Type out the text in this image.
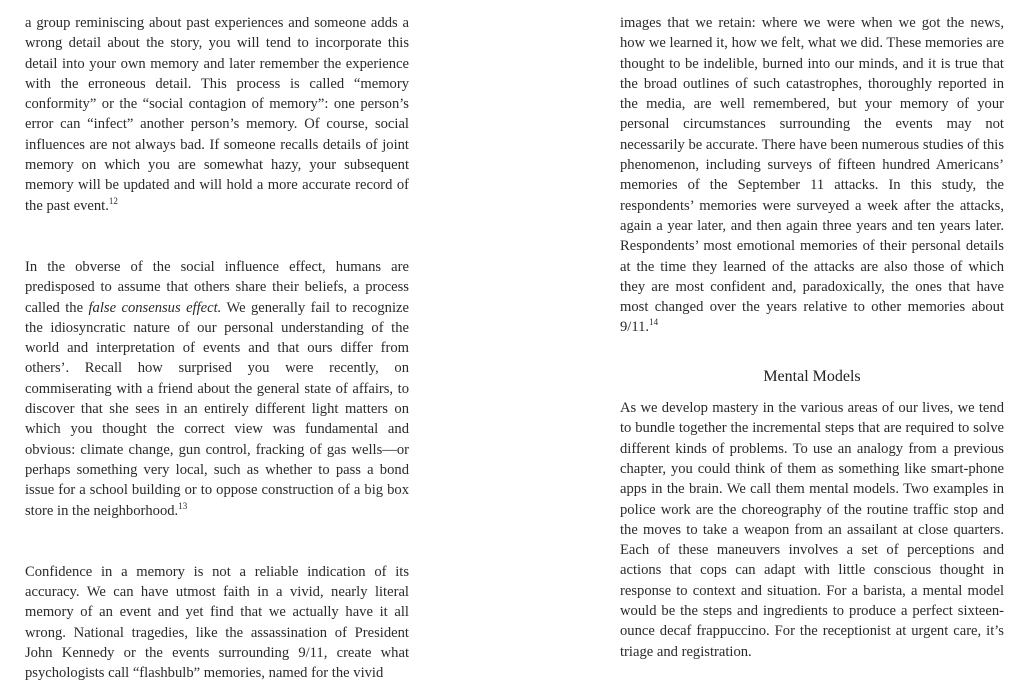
a group reminiscing about past experiences and someone adds a wrong detail about the story, you will tend to incorporate this detail into your own memory and later remember the experience with the erroneous detail. This process is called “memory conformity” or the “social contagion of memory”: one person’s error can “infect” another person’s memory. Of course, social influences are not always bad. If someone recalls details of joint memory on which you are somewhat hazy, your subsequent memory will be updated and will hold a more accurate record of the past event.$^{12}$

In the obverse of the social influence effect, humans are predisposed to assume that others share their beliefs, a process called the false consensus effect. We generally fail to recognize the idiosyncratic nature of our personal understanding of the world and interpretation of events and that ours differ from others’. Recall how surprised you were recently, on commiserating with a friend about the general state of affairs, to discover that she sees in an entirely different light matters on which you thought the correct view was fundamental and obvious: climate change, gun control, fracking of gas wells—or perhaps something very local, such as whether to pass a bond issue for a school building or to oppose construction of a big box store in the neighborhood.$^{13}$

Confidence in a memory is not a reliable indication of its accuracy. We can have utmost faith in a vivid, nearly literal memory of an event and yet find that we actually have it all wrong. National tragedies, like the assassination of President John Kennedy or the events surrounding 9/11, create what psychologists call “flashbulb” memories, named for the vivid

images that we retain: where we were when we got the news, how we learned it, how we felt, what we did. These memories are thought to be indelible, burned into our minds, and it is true that the broad outlines of such catastrophes, thoroughly reported in the media, are well remembered, but your memory of your personal circumstances surrounding the events may not necessarily be accurate. There have been numerous studies of this phenomenon, including surveys of fifteen hundred Americans’ memories of the September 11 attacks. In this study, the respondents’ memories were surveyed a week after the attacks, again a year later, and then again three years and ten years later. Respondents’ most emotional memories of their personal details at the time they learned of the attacks are also those of which they are most confident and, paradoxically, the ones that have most changed over the years relative to other memories about 9/11.14

Mental Models

As we develop mastery in the various areas of our lives, we tend to bundle together the incremental steps that are required to solve different kinds of problems. To use an analogy from a previous chapter, you could think of them as something like smart-phone apps in the brain. We call them mental models. Two examples in police work are the choreography of the routine traffic stop and the moves to take a weapon from an assailant at close quarters. Each of these maneuvers involves a set of perceptions and actions that cops can adapt with little conscious thought in response to context and situation. For a barista, a mental model would be the steps and ingredients to produce a perfect sixteen-ounce decaf frappuccino. For the receptionist at urgent care, it’s triage and registration.
